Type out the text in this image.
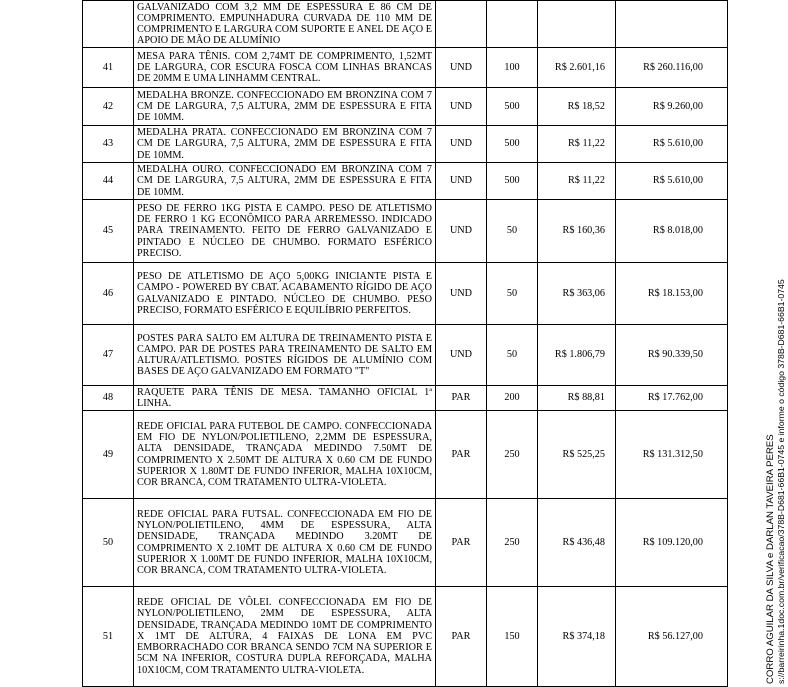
	GALVANIZADO COM 3,2 MM DE ESPESSURA E 86 CM DE COMPRIMENTO. EMPUNHADURA CURVADA DE 110 MM DE COMPRIMENTO E LARGURA COM SUPORTE E ANEL DE AÇO E APOIO DE MÃO DE ALUMÍNIO				
41	MESA PARA TÊNIS. COM 2,74MT DE COMPRIMENTO, 1,52MT DE LARGURA, COR ESCURA FOSCA COM LINHAS BRANCAS DE 20MM E UMA LINHAMM CENTRAL.	UND	100	R$ 2.601,16	R$ 260.116,00
42	MEDALHA BRONZE. CONFECCIONADO EM BRONZINA COM 7 CM DE LARGURA, 7,5 ALTURA, 2MM DE ESPESSURA E FITA DE 10MM.	UND	500	R$ 18,52	R$ 9.260,00
43	MEDALHA PRATA. CONFECCIONADO EM BRONZINA COM 7 CM DE LARGURA, 7,5 ALTURA, 2MM DE ESPESSURA E FITA DE 10MM.	UND	500	R$ 11,22	R$ 5.610,00
44	MEDALHA OURO. CONFECCIONADO EM BRONZINA COM 7 CM DE LARGURA, 7,5 ALTURA, 2MM DE ESPESSURA E FITA DE 10MM.	UND	500	R$ 11,22	R$ 5.610,00
45	PESO DE FERRO 1KG PISTA E CAMPO. PESO DE ATLETISMO DE FERRO 1 KG ECONÔMICO PARA ARREMESSO. INDICADO PARA TREINAMENTO. FEITO DE FERRO GALVANIZADO E PINTADO E NÚCLEO DE CHUMBO. FORMATO ESFÉRICO PRECISO.	UND	50	R$ 160,36	R$ 8.018,00
46	PESO DE ATLETISMO DE AÇO 5,00KG INICIANTE PISTA E CAMPO - POWERED BY CBAT. ACABAMENTO RÍGIDO DE AÇO GALVANIZADO E PINTADO. NÚCLEO DE CHUMBO. PESO PRECISO, FORMATO ESFÉRICO E EQUILÍBRIO PERFEITOS.	UND	50	R$ 363,06	R$ 18.153,00
47	POSTES PARA SALTO EM ALTURA DE TREINAMENTO PISTA E CAMPO. PAR DE POSTES PARA TREINAMENTO DE SALTO EM ALTURA/ATLETISMO. POSTES RÍGIDOS DE ALUMÍNIO COM BASES DE AÇO GALVANIZADO EM FORMATO "T"	UND	50	R$ 1.806,79	R$ 90.339,50
48	RAQUETE PARA TÊNIS DE MESA. TAMANHO OFICIAL 1ª LINHA.	PAR	200	R$ 88,81	R$ 17.762,00
49	REDE OFICIAL PARA FUTEBOL DE CAMPO. CONFECCIONADA EM FIO DE NYLON/POLIETILENO, 2,2MM DE ESPESSURA, ALTA DENSIDADE, TRANÇADA MEDINDO 7.50MT DE COMPRIMENTO X 2.50MT DE ALTURA X 0.60 CM DE FUNDO SUPERIOR X 1.80MT DE FUNDO INFERIOR, MALHA 10X10CM, COR BRANCA, COM TRATAMENTO ULTRA-VIOLETA.	PAR	250	R$ 525,25	R$ 131.312,50
50	REDE OFICIAL PARA FUTSAL. CONFECCIONADA EM FIO DE NYLON/POLIETILENO, 4MM DE ESPESSURA, ALTA DENSIDADE, TRANÇADA MEDINDO 3.20MT DE COMPRIMENTO X 2.10MT DE ALTURA X 0.60 CM DE FUNDO SUPERIOR X 1.00MT DE FUNDO INFERIOR, MALHA 10X10CM, COR BRANCA, COM TRATAMENTO ULTRA-VIOLETA.	PAR	250	R$ 436,48	R$ 109.120,00
51	REDE OFICIAL DE VÔLEI. CONFECCIONADA EM FIO DE NYLON/POLIETILENO, 2MM DE ESPESSURA, ALTA DENSIDADE, TRANÇADA MEDINDO 10MT DE COMPRIMENTO X 1MT DE ALTURA, 4 FAIXAS DE LONA EM PVC EMBORRACHADO COR BRANCA SENDO 7CM NA SUPERIOR E 5CM NA INFERIOR, COSTURA DUPLA REFORÇADA, MALHA 10X10CM, COM TRATAMENTO ULTRA-VIOLETA.	PAR	150	R$ 374,18	R$ 56.127,00	CORRO AGUILAR DA SILVA e DARLAN TAVEIRA PERES s://barreirinha.1doc.com.br/verificacao/378B-D681-66B1-0745 e informe o código 378B-D681-66B1-0745
